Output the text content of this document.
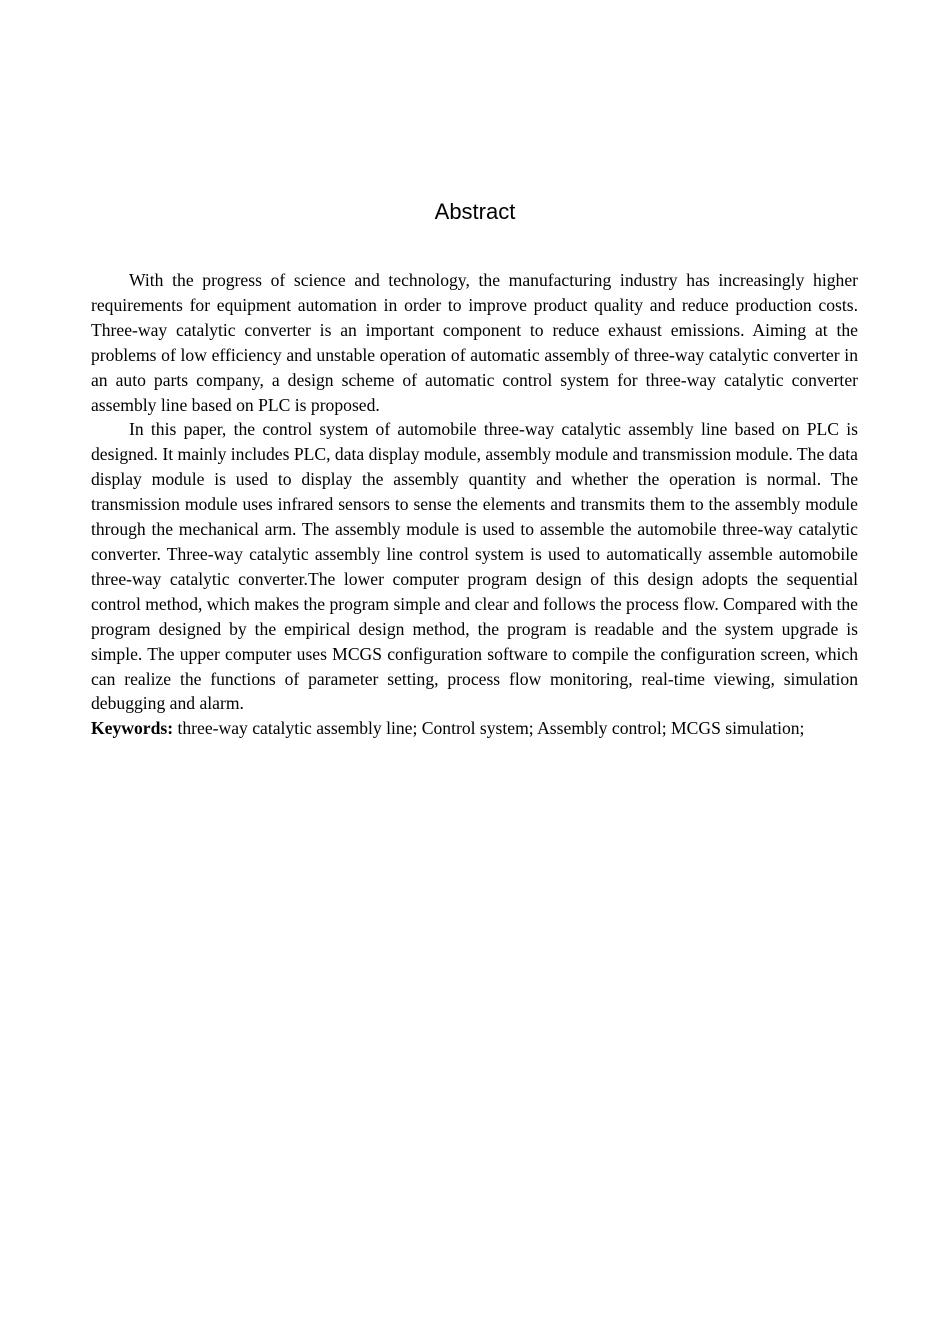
Abstract

With the progress of science and technology, the manufacturing industry has increasingly higher requirements for equipment automation in order to improve product quality and reduce production costs. Three-way catalytic converter is an important component to reduce exhaust emissions. Aiming at the problems of low efficiency and unstable operation of automatic assembly of three-way catalytic converter in an auto parts company, a design scheme of automatic control system for three-way catalytic converter assembly line based on PLC is proposed.

In this paper, the control system of automobile three-way catalytic assembly line based on PLC is designed. It mainly includes PLC, data display module, assembly module and transmission module. The data display module is used to display the assembly quantity and whether the operation is normal. The transmission module uses infrared sensors to sense the elements and transmits them to the assembly module through the mechanical arm. The assembly module is used to assemble the automobile three-way catalytic converter. Three-way catalytic assembly line control system is used to automatically assemble automobile three-way catalytic converter.The lower computer program design of this design adopts the sequential control method, which makes the program simple and clear and follows the process flow. Compared with the program designed by the empirical design method, the program is readable and the system upgrade is simple. The upper computer uses MCGS configuration software to compile the configuration screen, which can realize the functions of parameter setting, process flow monitoring, real-time viewing, simulation debugging and alarm.

Keywords: three-way catalytic assembly line; Control system; Assembly control; MCGS simulation;
